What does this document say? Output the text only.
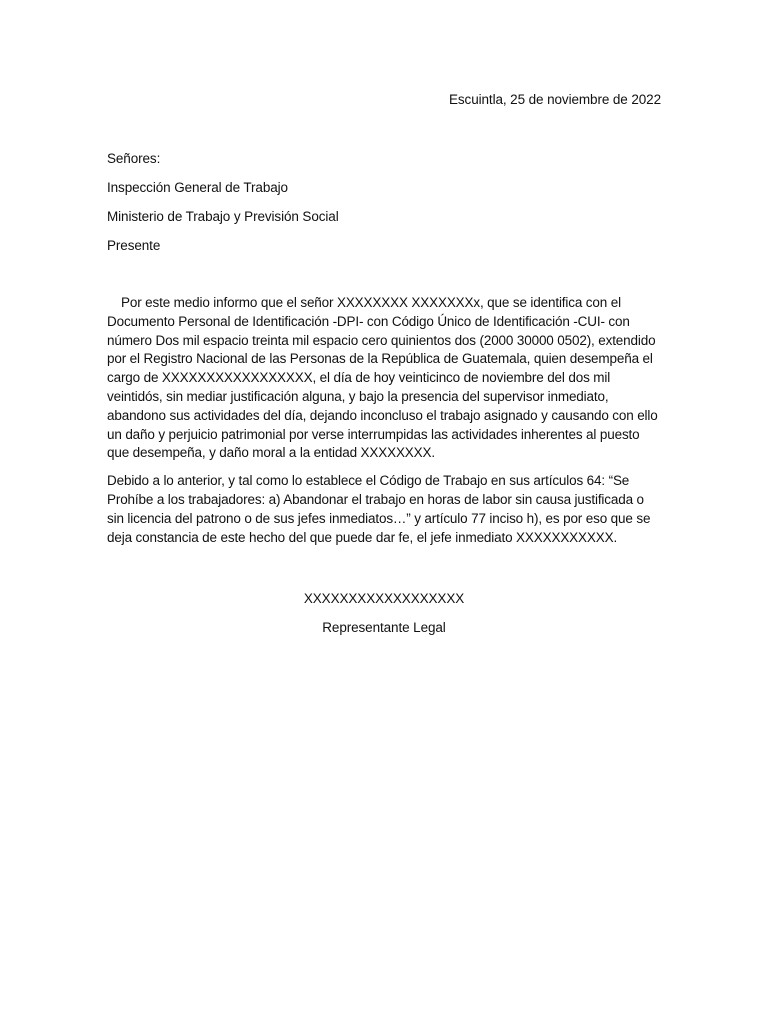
Escuintla, 25 de noviembre de 2022
Señores:
Inspección General de Trabajo
Ministerio de Trabajo y Previsión Social
Presente

Por este medio informo que el señor XXXXXXXX XXXXXXXx, que se identifica con el Documento Personal de Identificación -DPI- con Código Único de Identificación -CUI- con número Dos mil espacio treinta mil espacio cero quinientos dos (2000 30000 0502), extendido por el Registro Nacional de las Personas de la República de Guatemala, quien desempeña el cargo de XXXXXXXXXXXXXXXXX, el día de hoy veinticinco de noviembre del dos mil veintidós, sin mediar justificación alguna, y bajo la presencia del supervisor inmediato, abandono sus actividades del día, dejando inconcluso el trabajo asignado y causando con ello un daño y perjuicio patrimonial por verse interrumpidas las actividades inherentes al puesto que desempeña, y daño moral a la entidad XXXXXXXX.

Debido a lo anterior, y tal como lo establece el Código de Trabajo en sus artículos 64: “Se Prohíbe a los trabajadores: a) Abandonar el trabajo en horas de labor sin causa justificada o sin licencia del patrono o de sus jefes inmediatos…” y artículo 77 inciso h), es por eso que se deja constancia de este hecho del que puede dar fe, el jefe inmediato XXXXXXXXXXX.

XXXXXXXXXXXXXXXXXX
Representante Legal
